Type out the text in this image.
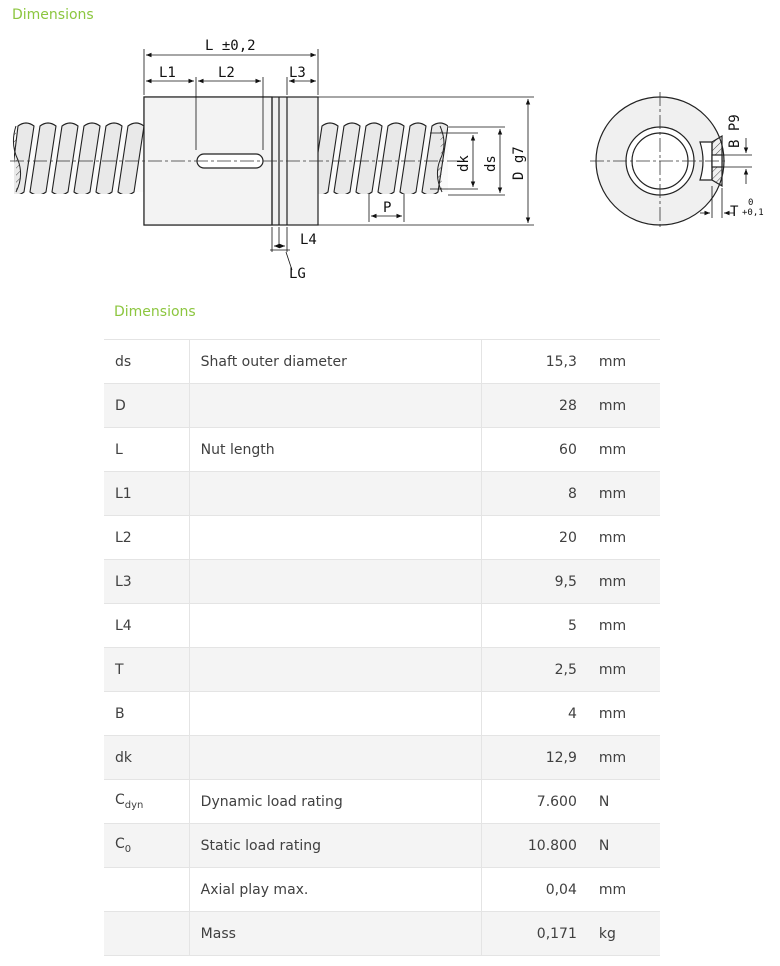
Dimensions
L ±0,2
L1	L2	L3
L4
LG
P
dk ds D g7
B P9
T
0
+0,1
Dimensions
ds	Shaft outer diameter	15,3	mm
D		28	mm
L	Nut length	60	mm
L1		8	mm
L2		20	mm
L3		9,5	mm
L4		5	mm
T		2,5	mm
B		4	mm
dk		12,9	mm
$C_{dyn}$	Dynamic load rating	7.600	N
$C_0$	Static load rating	10.800	N
	Axial play max.	0,04	mm
	Mass	0,171	kg
